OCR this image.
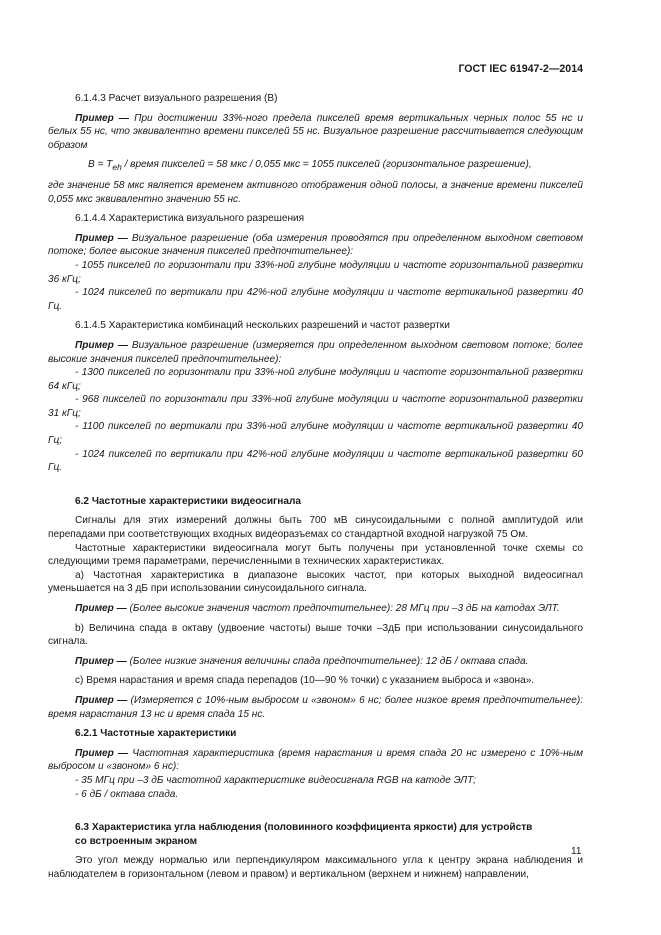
ГОСТ IEC 61947-2—2014

6.1.4.3 Расчет визуального разрешения (B)

Пример — При достижении 33%-ного предела пикселей время вертикальных черных полос 55 нс и белых 55 нс, что эквивалентно времени пикселей 55 нс. Визуальное разрешение рассчитывается следующим образом

$B = T_{eh}$ / время пикселей = 58 мкс / 0,055 мкс = 1055 пикселей (горизонтальное разрешение),

где значение 58 мкс является временем активного отображения одной полосы, а значение времени пикселей 0,055 мкс эквивалентно значению 55 нс.

6.1.4.4 Характеристика визуального разрешения

Пример — Визуальное разрешение (оба измерения проводятся при определенном выходном световом потоке; более высокие значения пикселей предпочтительнее):

- 1055 пикселей по горизонтали при 33%-ной глубине модуляции и частоте горизонтальной развертки 36 кГц;

- 1024 пикселей по вертикали при 42%-ной глубине модуляции и частоте вертикальной развертки 40 Гц.

6.1.4.5 Характеристика комбинаций нескольких разрешений и частот развертки

Пример — Визуальное разрешение (измеряется при определенном выходном световом потоке; более высокие значения пикселей предпочтительнее):

- 1300 пикселей по горизонтали при 33%-ной глубине модуляции и частоте горизонтальной развертки 64 кГц;

- 968 пикселей по горизонтали при 33%-ной глубине модуляции и частоте горизонтальной развертки 31 кГц;

- 1100 пикселей по вертикали при 33%-ной глубине модуляции и частоте вертикальной развертки 40 Гц;

- 1024 пикселей по вертикали при 42%-ной глубине модуляции и частоте вертикальной развертки 60 Гц.

6.2 Частотные характеристики видеосигнала

Сигналы для этих измерений должны быть 700 мВ синусоидальными с полной амплитудой или перепадами при соответствующих входных видеоразъемах со стандартной входной нагрузкой 75 Ом.

Частотные характеристики видеосигнала могут быть получены при установленной точке схемы со следующими тремя параметрами, перечисленными в технических характеристиках.

a) Частотная характеристика в диапазоне высоких частот, при которых выходной видеосигнал уменьшается на 3 дБ при использовании синусоидального сигнала.

Пример — (Более высокие значения частот предпочтительнее): 28 МГц при –3 дБ на катодах ЭЛТ.

b) Величина спада в октаву (удвоение частоты) выше точки –3дБ при использовании синусоидального сигнала.

Пример — (Более низкие значения величины спада предпочтительнее): 12 дБ / октава спада.

c) Время нарастания и время спада перепадов (10—90 % точки) с указанием выброса и «звона».

Пример — (Измеряется с 10%-ным выбросом и «звоном» 6 нс; более низкое время предпочтительнее): время нарастания 13 нс и время спада 15 нс.

6.2.1 Частотные характеристики

Пример — Частотная характеристика (время нарастания и время спада 20 нс измерено с 10%-ным выбросом и «звоном» 6 нс):

- 35 МГц при –3 дБ частотной характеристике видеосигнала RGB на катоде ЭЛТ;

- 6 дБ / октава спада.

6.3 Характеристика угла наблюдения (половинного коэффициента яркости) для устройств

со встроенным экраном

Это угол между нормалью или перпендикуляром максимального угла к центру экрана наблюдения и наблюдателем в горизонтальном (левом и правом) и вертикальном (верхнем и нижнем) направлении,

11
